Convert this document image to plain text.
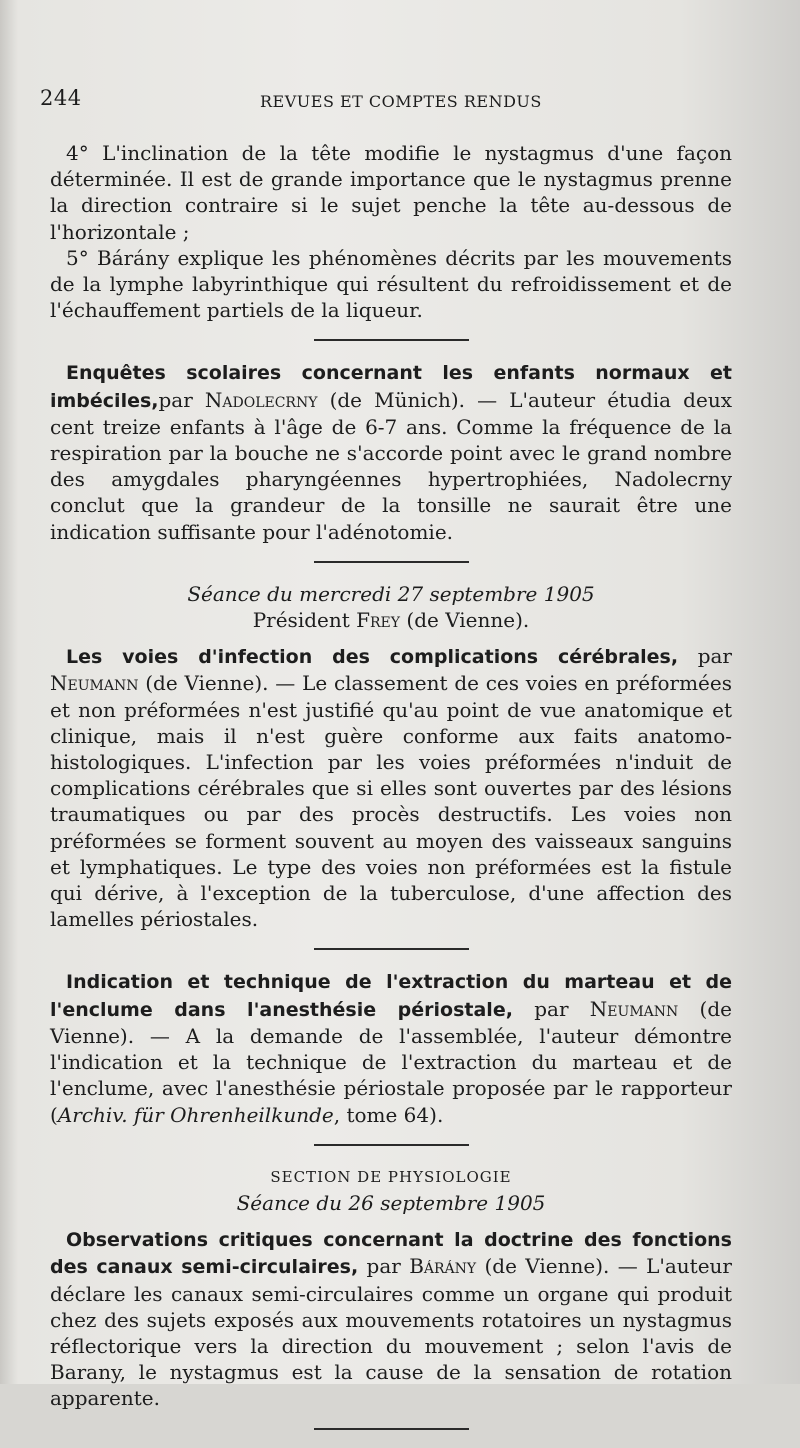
244	REVUES ET COMPTES RENDUS

4° L'inclination de la tête modifie le nystagmus d'une façon déterminée. Il est de grande importance que le nystagmus prenne la direction contraire si le sujet penche la tête au-dessous de l'horizontale ;

5° Bárány explique les phénomènes décrits par les mouvements de la lymphe labyrinthique qui résultent du refroidissement et de l'échauffement partiels de la liqueur.

Enquêtes scolaires concernant les enfants normaux et imbéciles,par Nadolecrny (de Münich). — L'auteur étudia deux cent treize enfants à l'âge de 6-7 ans. Comme la fréquence de la respiration par la bouche ne s'accorde point avec le grand nombre des amygdales pharyngéennes hypertrophiées, Nadolecrny conclut que la grandeur de la tonsille ne saurait être une indication suffisante pour l'adénotomie.

Séance du mercredi 27 septembre 1905

Président Frey (de Vienne).

Les voies d'infection des complications cérébrales, par Neumann (de Vienne). — Le classement de ces voies en préformées et non préformées n'est justifié qu'au point de vue anatomique et clinique, mais il n'est guère conforme aux faits anatomo-histologiques. L'infection par les voies préformées n'induit de complications cérébrales que si elles sont ouvertes par des lésions traumatiques ou par des procès destructifs. Les voies non préformées se forment souvent au moyen des vaisseaux sanguins et lymphatiques. Le type des voies non préformées est la fistule qui dérive, à l'exception de la tuberculose, d'une affection des lamelles périostales.

Indication et technique de l'extraction du marteau et de l'enclume dans l'anesthésie périostale, par Neumann (de Vienne). — A la demande de l'assemblée, l'auteur démontre l'indication et la technique de l'extraction du marteau et de l'enclume, avec l'anesthésie périostale proposée par le rapporteur (Archiv. für Ohrenheilkunde, tome 64).

SECTION DE PHYSIOLOGIE

Séance du 26 septembre 1905

Observations critiques concernant la doctrine des fonctions des canaux semi-circulaires, par Bárány (de Vienne). — L'auteur déclare les canaux semi-circulaires comme un organe qui produit chez des sujets exposés aux mouvements rotatoires un nystagmus réflectorique vers la direction du mouvement ; selon l'avis de Barany, le nystagmus est la cause de la sensation de rotation apparente.
